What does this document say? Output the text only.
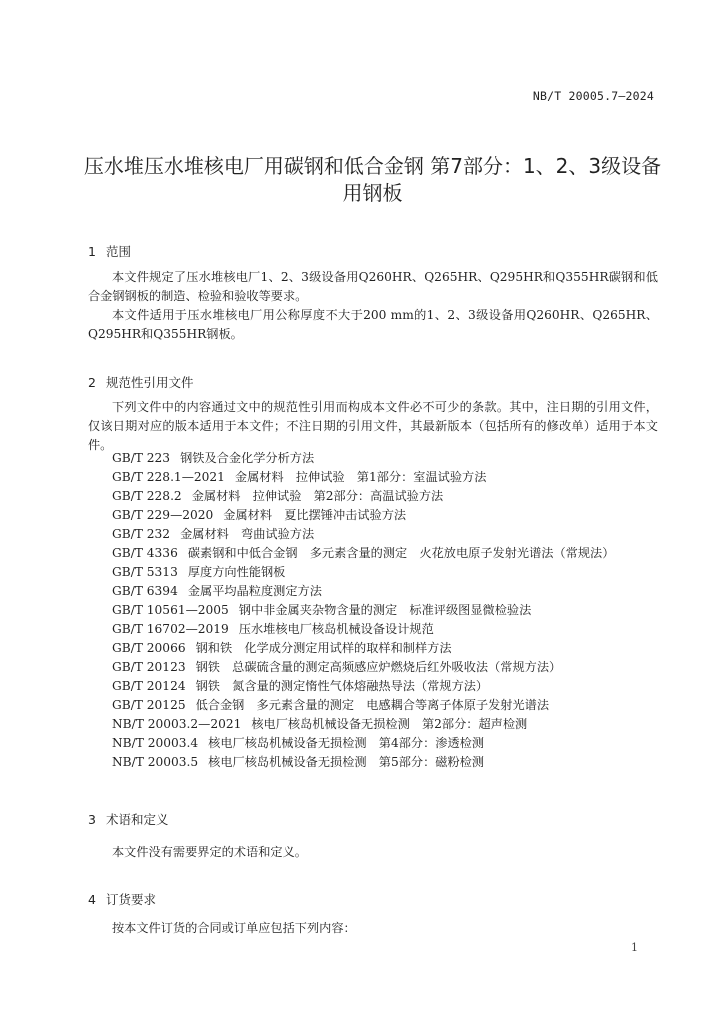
NB/T 20005.7—2024
压水堆压水堆核电厂用碳钢和低合金钢 第7部分：1、2、3级设备用钢板
1 范围
本文件规定了压水堆核电厂1、2、3级设备用Q260HR、Q265HR、Q295HR和Q355HR碳钢和低合金钢钢板的制造、检验和验收等要求。
本文件适用于压水堆核电厂用公称厚度不大于200 mm的1、2、3级设备用Q260HR、Q265HR、Q295HR和Q355HR钢板。
2 规范性引用文件
下列文件中的内容通过文中的规范性引用而构成本文件必不可少的条款。其中，注日期的引用文件，仅该日期对应的版本适用于本文件；不注日期的引用文件，其最新版本（包括所有的修改单）适用于本文件。
GB/T 223 钢铁及合金化学分析方法
GB/T 228.1—2021 金属材料　拉伸试验　第1部分：室温试验方法
GB/T 228.2 金属材料　拉伸试验　第2部分：高温试验方法
GB/T 229—2020 金属材料　夏比摆锤冲击试验方法
GB/T 232 金属材料　弯曲试验方法
GB/T 4336 碳素钢和中低合金钢　多元素含量的测定　火花放电原子发射光谱法（常规法）
GB/T 5313 厚度方向性能钢板
GB/T 6394 金属平均晶粒度测定方法
GB/T 10561—2005 钢中非金属夹杂物含量的测定　标准评级图显微检验法
GB/T 16702—2019 压水堆核电厂核岛机械设备设计规范
GB/T 20066 钢和铁　化学成分测定用试样的取样和制样方法
GB/T 20123 钢铁　总碳硫含量的测定高频感应炉燃烧后红外吸收法（常规方法）
GB/T 20124 钢铁　氮含量的测定惰性气体熔融热导法（常规方法）
GB/T 20125 低合金钢　多元素含量的测定　电感耦合等离子体原子发射光谱法
NB/T 20003.2—2021 核电厂核岛机械设备无损检测　第2部分：超声检测
NB/T 20003.4 核电厂核岛机械设备无损检测　第4部分：渗透检测
NB/T 20003.5 核电厂核岛机械设备无损检测　第5部分：磁粉检测
3 术语和定义
本文件没有需要界定的术语和定义。
4 订货要求
按本文件订货的合同或订单应包括下列内容：
1
